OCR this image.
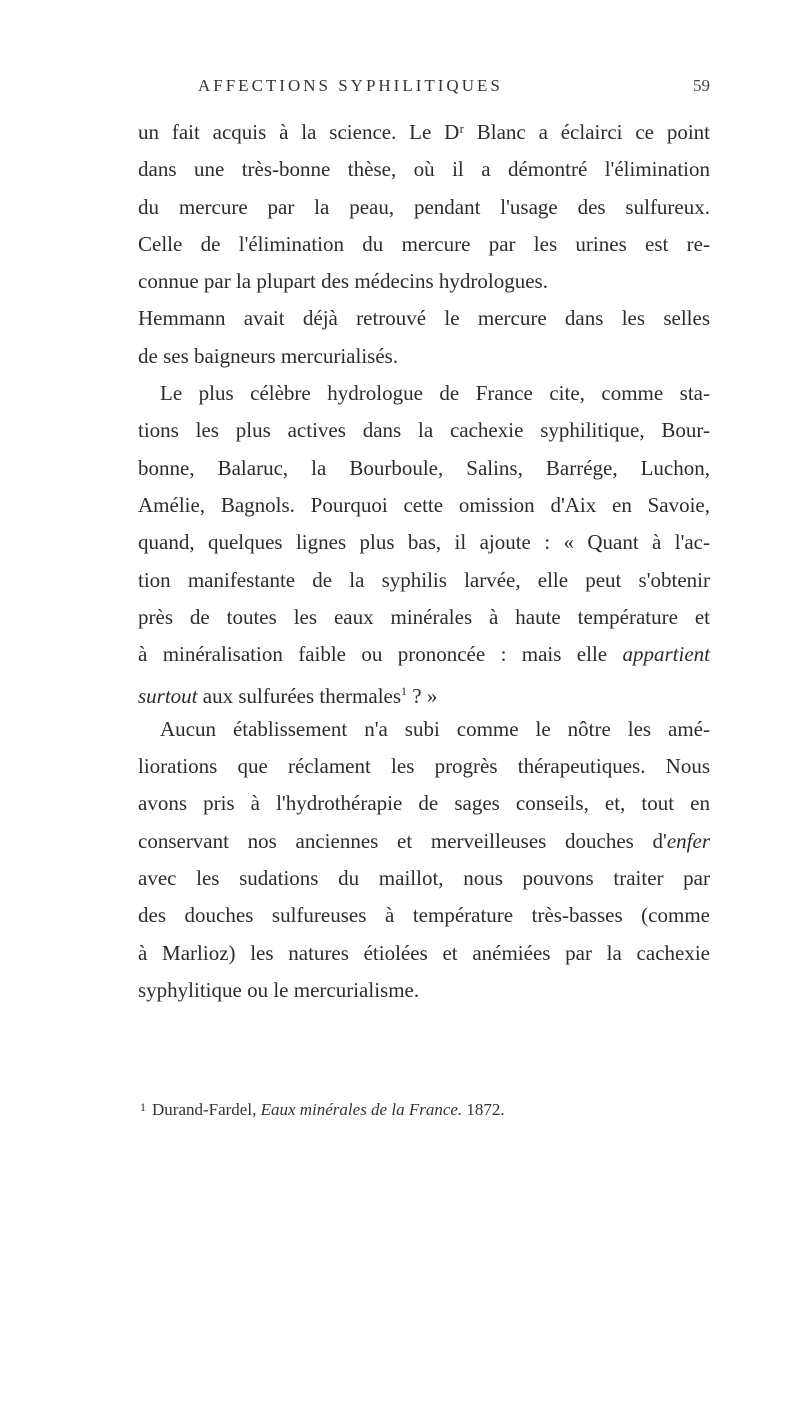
AFFECTIONS SYPHILITIQUES	59
un fait acquis à la science. Le Dʳ Blanc a éclairci ce point
dans une très-bonne thèse, où il a démontré l'élimination
du mercure par la peau, pendant l'usage des sulfureux.
Celle de l'élimination du mercure par les urines est re-
connue par la plupart des médecins hydrologues.
Hemmann avait déjà retrouvé le mercure dans les selles
de ses baigneurs mercurialisés.
Le plus célèbre hydrologue de France cite, comme sta-
tions les plus actives dans la cachexie syphilitique, Bour-
bonne, Balaruc, la Bourboule, Salins, Barrége, Luchon,
Amélie, Bagnols. Pourquoi cette omission d'Aix en Savoie,
quand, quelques lignes plus bas, il ajoute : « Quant à l'ac-
tion manifestante de la syphilis larvée, elle peut s'obtenir
près de toutes les eaux minérales à haute température et
à minéralisation faible ou prononcée : mais elle appartient
surtout aux sulfurées thermales$^1$ ? »
Aucun établissement n'a subi comme le nôtre les amé-
liorations que réclament les progrès thérapeutiques. Nous
avons pris à l'hydrothérapie de sages conseils, et, tout en
conservant nos anciennes et merveilleuses douches d'enfer
avec les sudations du maillot, nous pouvons traiter par
des douches sulfureuses à température très-basses (comme
à Marlioz) les natures étiolées et anémiées par la cachexie
syphylitique ou le mercurialisme.
$^1$ Durand-Fardel, Eaux minérales de la France. 1872.
